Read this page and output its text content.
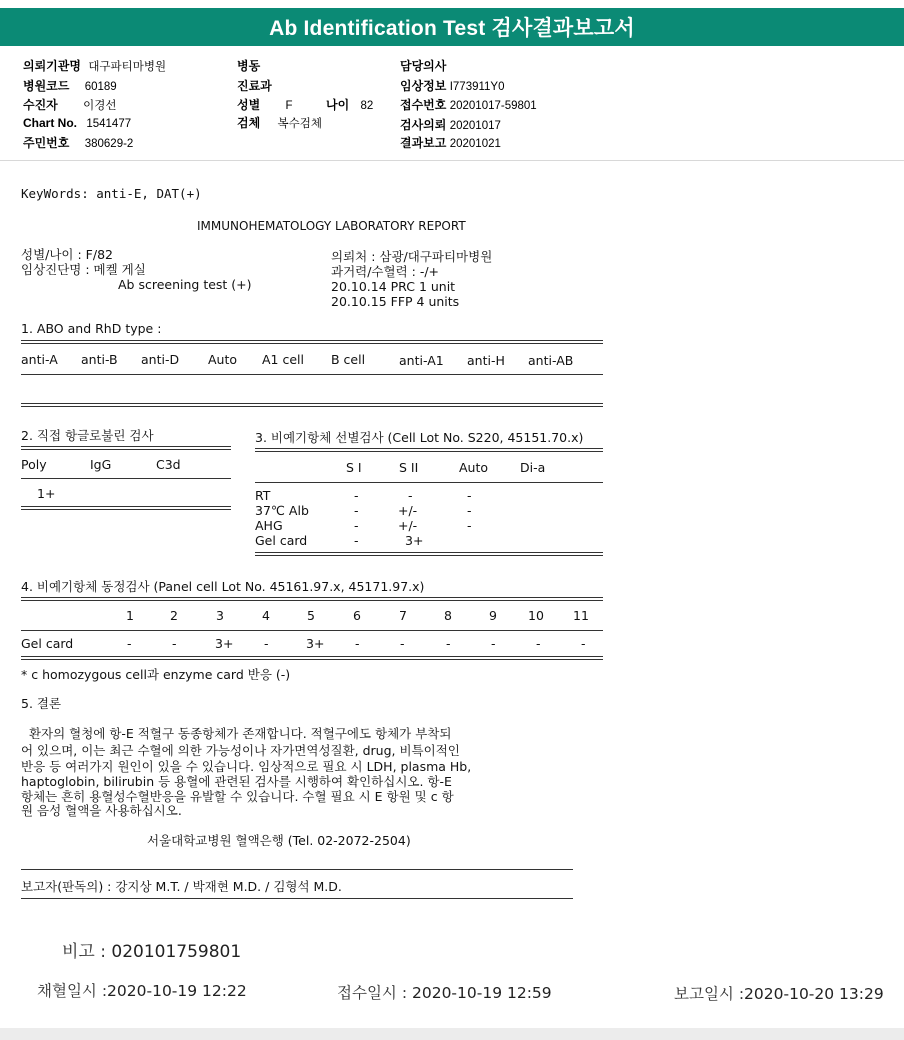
Ab Identification Test 검사결과보고서
의뢰기관명 대구파티마병원
병원코드 60189
수진자 이경선
Chart No. 1541477
주민번호 380629-2
병동
진료과
성별 F	나이 82
검체 복수검체
담당의사
임상정보 I773911Y0
접수번호 20201017-59801
검사의뢰 20201017
결과보고 20201021
KeyWords: anti-E, DAT(+)
IMMUNOHEMATOLOGY LABORATORY REPORT
성별/나이 : F/82
임상진단명 : 메켈 게실
Ab screening test (+)
의뢰처 : 삼광/대구파티마병원
과거력/수혈력 : -/+
20.10.14 PRC 1 unit
20.10.15 FFP 4 units
1. ABO and RhD type :
anti-A anti-B anti-D Auto A1 cell B cell	anti-A1 anti-H anti-AB
2. 직접 항글로불린 검사
Poly	IgG	C3d
1+
3. 비예기항체 선별검사 (Cell Lot No. S220, 45151.70.x)
S I	S II	Auto	Di-a
RT	-	-	-
37℃ Alb	-	+/-	-
AHG	-	+/-	-
Gel card	-	3+
4. 비예기항체 동정검사 (Panel cell Lot No. 45161.97.x, 45171.97.x)
1	2	3	4	5	6	7	8	9 10 11
Gel card	-	-	3+ -	3+ -	-	-	-	-	-
* c homozygous cell과 enzyme card 반응 (-)
5. 결론
환자의 혈청에 항-E 적혈구 동종항체가 존재합니다. 적혈구에도 항체가 부착되
어 있으며, 이는 최근 수혈에 의한 가능성이나 자가면역성질환, drug, 비특이적인
반응 등 여러가지 원인이 있을 수 있습니다. 임상적으로 필요 시 LDH, plasma Hb,
haptoglobin, bilirubin 등 용혈에 관련된 검사를 시행하여 확인하십시오. 항-E
항체는 흔히 용혈성수혈반응을 유발할 수 있습니다. 수혈 필요 시 E 항원 및 c 항
원 음성 혈액을 사용하십시오.
서울대학교병원 혈액은행 (Tel. 02-2072-2504)
보고자(판독의) : 강지상 M.T. / 박재현 M.D. / 김형석 M.D.
비고 : 020101759801
채혈일시 :2020-10-19 12:22	접수일시 : 2020-10-19 12:59	보고일시 :2020-10-20 13:29
